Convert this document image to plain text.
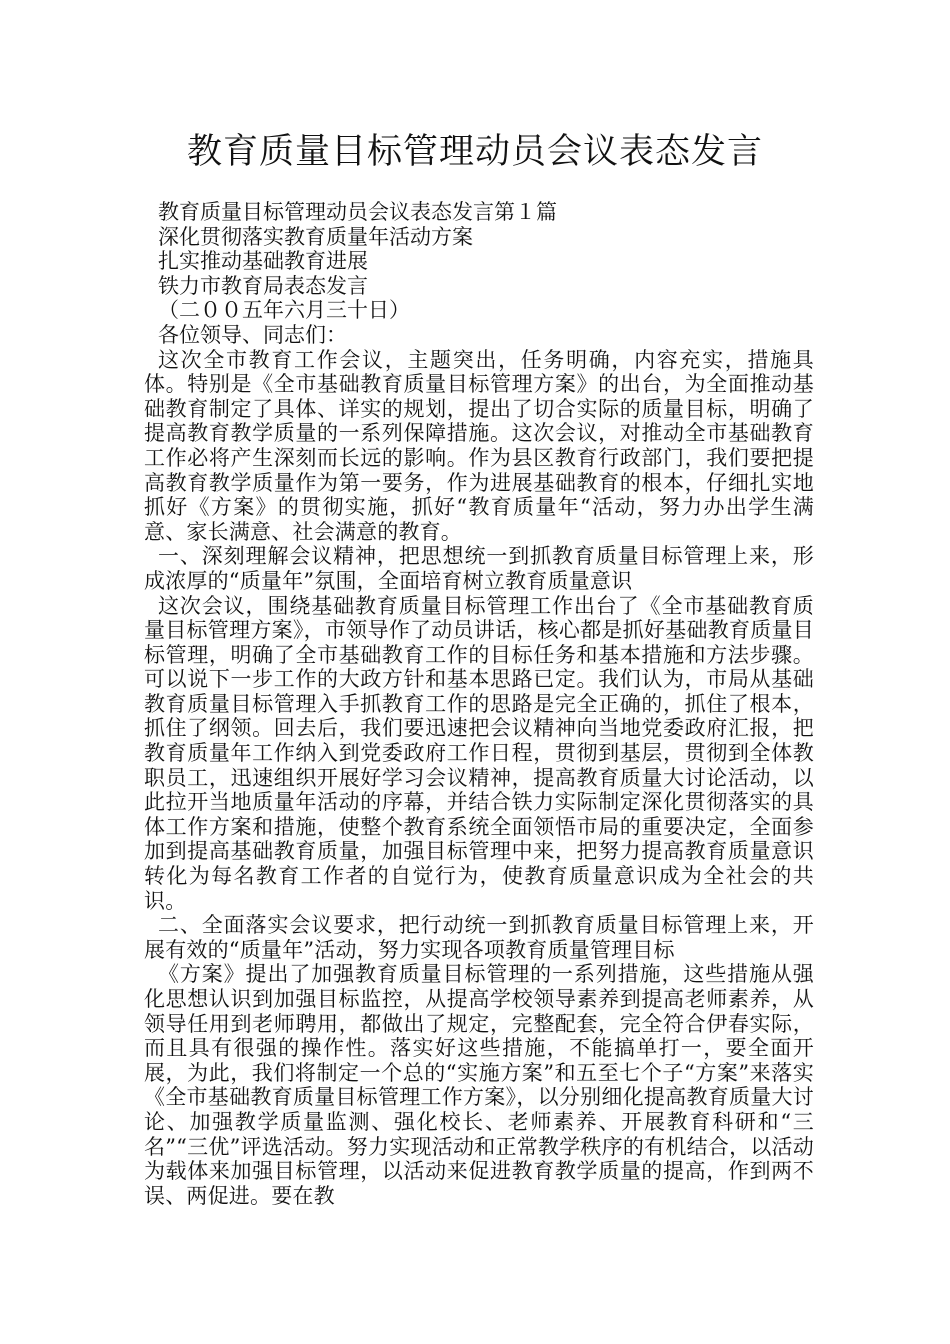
教育质量目标管理动员会议表态发言

教育质量目标管理动员会议表态发言第１篇

深化贯彻落实教育质量年活动方案

扎实推动基础教育进展

铁力市教育局表态发言

（二００五年六月三十日）

各位领导、同志们：

这次全市教育工作会议，主题突出，任务明确，内容充实，措施具体。特别是《全市基础教育质量目标管理方案》的出台，为全面推动基础教育制定了具体、详实的规划，提出了切合实际的质量目标，明确了提高教育教学质量的一系列保障措施。这次会议，对推动全市基础教育工作必将产生深刻而长远的影响。作为县区教育行政部门，我们要把提高教育教学质量作为第一要务，作为进展基础教育的根本，仔细扎实地抓好《方案》的贯彻实施，抓好“教育质量年“活动，努力办出学生满意、家长满意、社会满意的教育。

一、深刻理解会议精神，把思想统一到抓教育质量目标管理上来，形成浓厚的“质量年”氛围，全面培育树立教育质量意识

这次会议，围绕基础教育质量目标管理工作出台了《全市基础教育质量目标管理方案》，市领导作了动员讲话，核心都是抓好基础教育质量目标管理，明确了全市基础教育工作的目标任务和基本措施和方法步骤。可以说下一步工作的大政方针和基本思路已定。我们认为，市局从基础教育质量目标管理入手抓教育工作的思路是完全正确的，抓住了根本，抓住了纲领。回去后，我们要迅速把会议精神向当地党委政府汇报，把教育质量年工作纳入到党委政府工作日程，贯彻到基层，贯彻到全体教职员工，迅速组织开展好学习会议精神，提高教育质量大讨论活动，以此拉开当地质量年活动的序幕，并结合铁力实际制定深化贯彻落实的具体工作方案和措施，使整个教育系统全面领悟市局的重要决定，全面参加到提高基础教育质量，加强目标管理中来，把努力提高教育质量意识转化为每名教育工作者的自觉行为，使教育质量意识成为全社会的共识。

二、全面落实会议要求，把行动统一到抓教育质量目标管理上来，开展有效的“质量年”活动，努力实现各项教育质量管理目标

《方案》提出了加强教育质量目标管理的一系列措施，这些措施从强化思想认识到加强目标监控，从提高学校领导素养到提高老师素养，从领导任用到老师聘用，都做出了规定，完整配套，完全符合伊春实际，而且具有很强的操作性。落实好这些措施，不能搞单打一，要全面开展，为此，我们将制定一个总的“实施方案”和五至七个子“方案”来落实《全市基础教育质量目标管理工作方案》，以分别细化提高教育质量大讨论、加强教学质量监测、强化校长、老师素养、开展教育科研和“三名”“三优”评选活动。努力实现活动和正常教学秩序的有机结合，以活动为载体来加强目标管理，以活动来促进教育教学质量的提高，作到两不误、两促进。要在教
